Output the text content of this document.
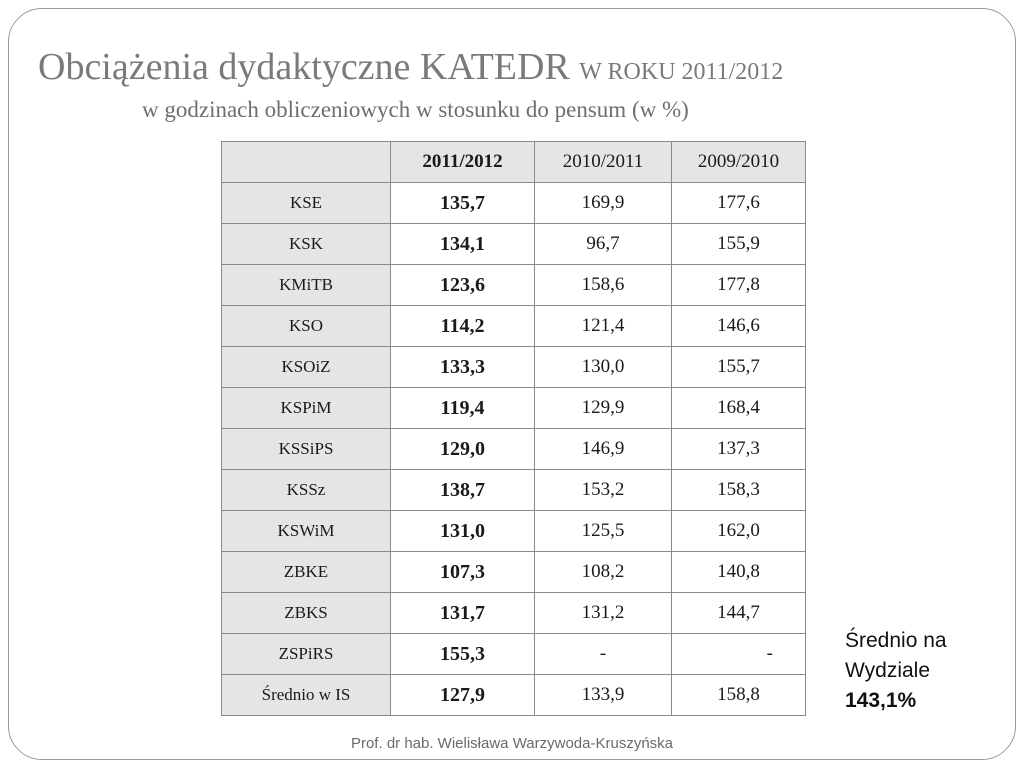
Obciążenia dydaktyczne KATEDR W ROKU 2011/2012
w godzinach obliczeniowych w stosunku do pensum (w %)
	2011/2012	2010/2011	2009/2010
KSE	135,7	169,9	177,6
KSK	134,1	96,7	155,9
KMiTB	123,6	158,6	177,8
KSO	114,2	121,4	146,6
KSOiZ	133,3	130,0	155,7
KSPiM	119,4	129,9	168,4
KSSiPS	129,0	146,9	137,3
KSSz	138,7	153,2	158,3
KSWiM	131,0	125,5	162,0
ZBKE	107,3	108,2	140,8
ZBKS	131,7	131,2	144,7
ZSPiRS	155,3	-	-
Średnio w IS	127,9	133,9	158,8
Średnio na
Wydziale
143,1%
Prof. dr hab. Wielisława Warzywoda-Kruszyńska
